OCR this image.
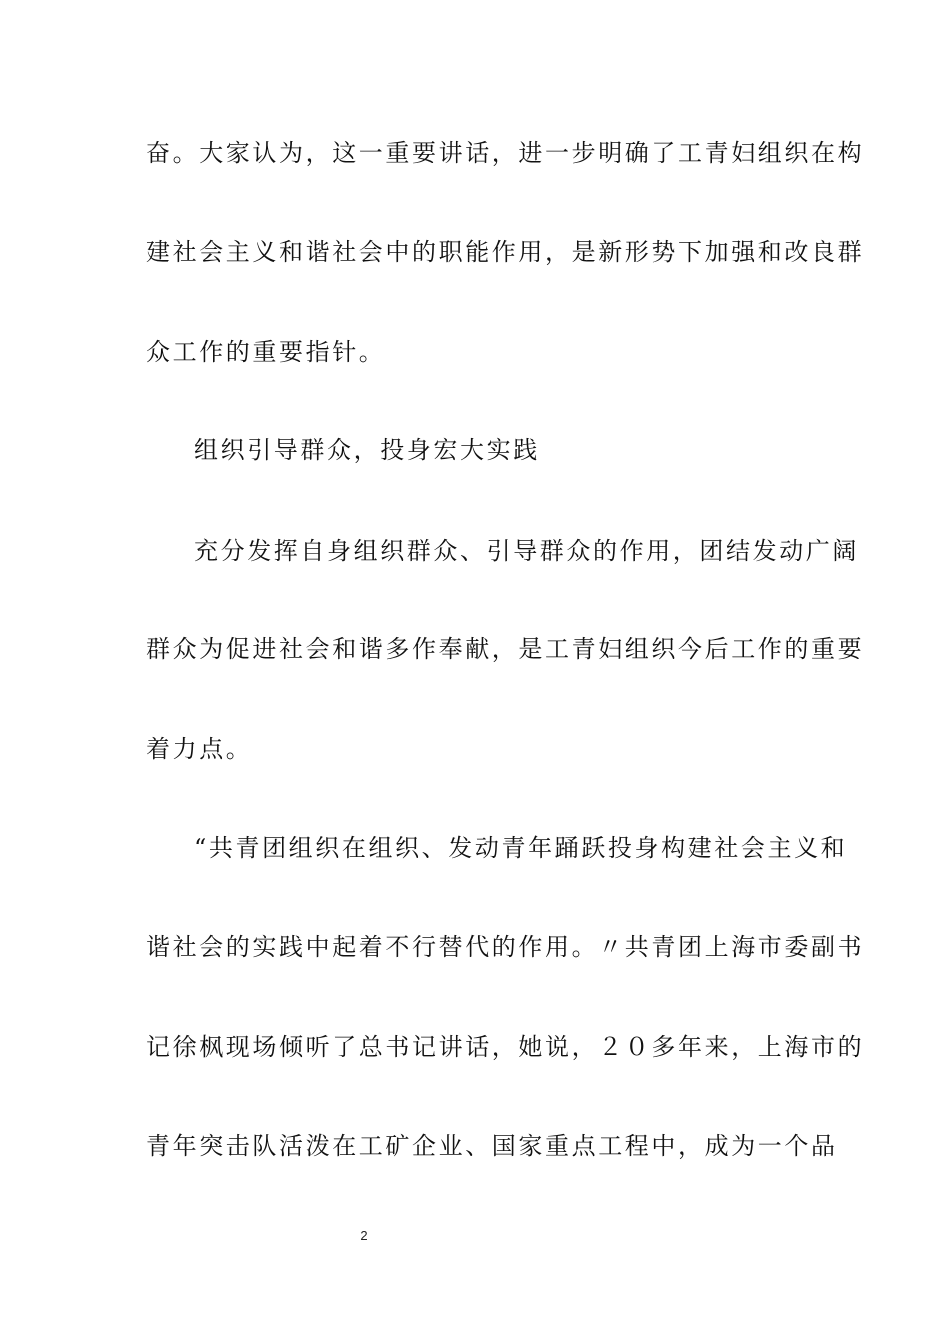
奋。大家认为，这一重要讲话，进一步明确了工青妇组织在构
建社会主义和谐社会中的职能作用，是新形势下加强和改良群
众工作的重要指针。
组织引导群众，投身宏大实践
充分发挥自身组织群众、引导群众的作用，团结发动广阔
群众为促进社会和谐多作奉献，是工青妇组织今后工作的重要
着力点。
“共青团组织在组织、发动青年踊跃投身构建社会主义和
谐社会的实践中起着不行替代的作用。〃共青团上海市委副书
记徐枫现场倾听了总书记讲话，她说，２０多年来，上海市的
青年突击队活泼在工矿企业、国家重点工程中，成为一个品
2
